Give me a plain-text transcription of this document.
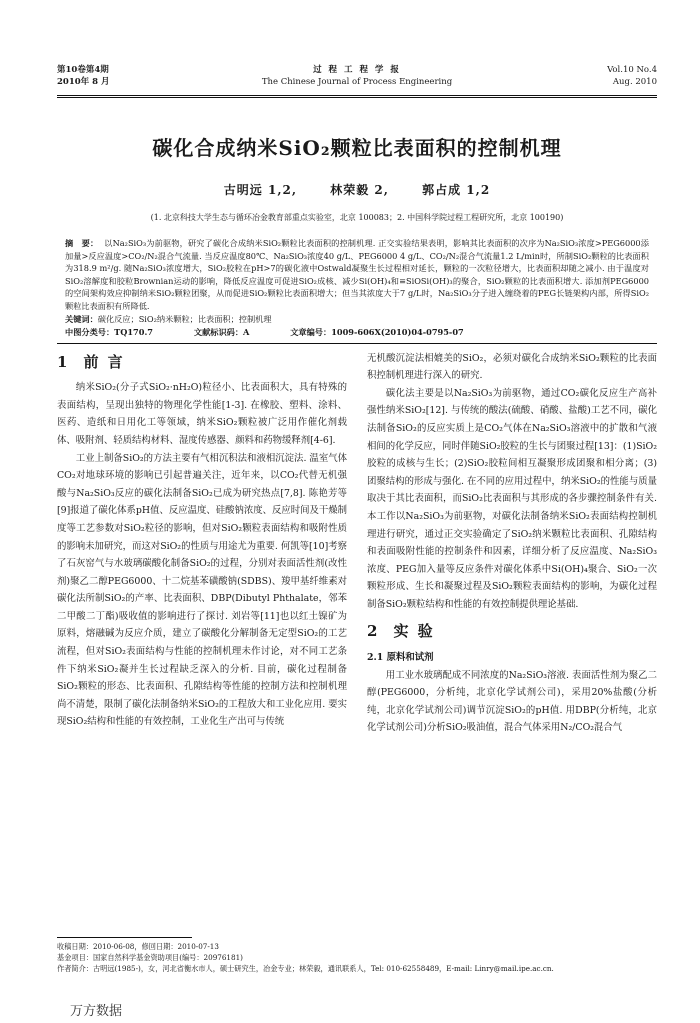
第10卷第4期
2010年 8 月
过 程 工 程 学 报
The Chinese Journal of Process Engineering
Vol.10 No.4
Aug. 2010
碳化合成纳米SiO₂颗粒比表面积的控制机理
古明远 1,2,	林荣毅 2,	郭占成 1,2
(1. 北京科技大学生态与循环冶金教育部重点实验室，北京 100083；2. 中国科学院过程工程研究所，北京 100190)
摘　要： 以Na₂SiO₃为前驱物，研究了碳化合成纳米SiO₂颗粒比表面积的控制机理. 正交实验结果表明，影响其比表面积的次序为Na₂SiO₃浓度>PEG6000添加量>反应温度>CO₂/N₂混合气流量. 当反应温度80℃、Na₂SiO₃浓度40 g/L、PEG6000 4 g/L、CO₂/N₂混合气流量1.2 L/min时，所制SiO₂颗粒的比表面积为318.9 m²/g. 随Na₂SiO₃浓度增大，SiO₂胶粒在pH>7的碳化液中Ostwald凝聚生长过程相对延长，颗粒的一次粒径增大，比表面积却随之减小. 由于温度对SiO₂溶解度和胶粒Brownian运动的影响，降低反应温度可促进SiO₂成核、减少Si(OH)₄和≡SiOSi(OH)₃的聚合，SiO₂颗粒的比表面积增大. 添加剂PEG6000的空间架构效应抑制纳米SiO₂颗粒团聚，从而促进SiO₂颗粒比表面积增大；但当其浓度大于7 g/L时，Na₂SiO₃分子进入缠绕着的PEG长链架构内部，所得SiO₂颗粒比表面积有所降低.
关键词：碳化反应；SiO₂纳米颗粒；比表面积；控制机理
中图分类号：TQ170.7	文献标识码：A	文章编号：1009-606X(2010)04-0795-07
1 前 言

纳米SiO₂(分子式SiO₂·nH₂O)粒径小、比表面积大，具有特殊的表面结构，呈现出独特的物理化学性能[1-3]. 在橡胶、塑料、涂料、医药、造纸和日用化工等领域，纳米SiO₂颗粒被广泛用作催化剂载体、吸附剂、轻质结构材料、湿度传感器、颜料和药物缓释剂[4-6].

工业上制备SiO₂的方法主要有气相沉积法和液相沉淀法. 温室气体CO₂对地球环境的影响已引起普遍关注，近年来，以CO₂代替无机强酸与Na₂SiO₃反应的碳化法制备SiO₂已成为研究热点[7,8]. 陈艳芳等[9]报道了碳化体系pH值、反应温度、硅酸钠浓度、反应时间及干燥制度等工艺参数对SiO₂粒径的影响，但对SiO₂颗粒表面结构和吸附性质的影响未加研究，而这对SiO₂的性质与用途尤为重要. 何凯等[10]考察了石灰窑气与水玻璃碳酸化制备SiO₂的过程，分别对表面活性剂(改性剂)聚乙二醇PEG6000、十二烷基苯磺酸钠(SDBS)、羧甲基纤维素对碳化法所制SiO₂的产率、比表面积、DBP(Dibutyl Phthalate，邻苯二甲酸二丁酯)吸收值的影响进行了探讨. 刘岩等[11]也以红土镍矿为原料，熔融碱为反应介质，建立了碳酸化分解制备无定型SiO₂的工艺流程，但对SiO₂表面结构与性能的控制机理未作讨论，对不同工艺条件下纳米SiO₂凝并生长过程缺乏深入的分析. 目前，碳化过程制备SiO₂颗粒的形态、比表面积、孔隙结构等性能的控制方法和控制机理尚不清楚，限制了碳化法制备纳米SiO₂的工程放大和工业化应用. 要实现SiO₂结构和性能的有效控制，工业化生产出可与传统

无机酸沉淀法相媲美的SiO₂，必须对碳化合成纳米SiO₂颗粒的比表面积控制机理进行深入的研究.

碳化法主要是以Na₂SiO₃为前驱物，通过CO₂碳化反应生产高补强性纳米SiO₂[12]. 与传统的酸法(硫酸、硝酸、盐酸)工艺不同，碳化法制备SiO₂的反应实质上是CO₂气体在Na₂SiO₃溶液中的扩散和气液相间的化学反应，同时伴随SiO₂胶粒的生长与团聚过程[13]：(1)SiO₂胶粒的成核与生长；(2)SiO₂胶粒间相互凝聚形成团聚和相分离；(3)团聚结构的形成与强化. 在不同的应用过程中，纳米SiO₂的性能与质量取决于其比表面积，而SiO₂比表面积与其形成的各步骤控制条件有关. 本工作以Na₂SiO₃为前驱物，对碳化法制备纳米SiO₂表面结构控制机理进行研究，通过正交实验确定了SiO₂纳米颗粒比表面积、孔隙结构和表面吸附性能的控制条件和因素，详细分析了反应温度、Na₂SiO₃浓度、PEG加入量等反应条件对碳化体系中Si(OH)₄聚合、SiO₂一次颗粒形成、生长和凝聚过程及SiO₂颗粒表面结构的影响，为碳化过程制备SiO₂颗粒结构和性能的有效控制提供理论基础.

2 实 验
2.1 原料和试剂

用工业水玻璃配成不同浓度的Na₂SiO₃溶液. 表面活性剂为聚乙二醇(PEG6000，分析纯，北京化学试剂公司)，采用20%盐酸(分析纯，北京化学试剂公司)调节沉淀SiO₂的pH值. 用DBP(分析纯，北京化学试剂公司)分析SiO₂吸油值，混合气体采用N₂/CO₂混合气

收稿日期：2010-06-08，修回日期：2010-07-13
基金项目：国家自然科学基金资助项目(编号：20976181)
作者简介：古明远(1985-)，女，河北省衡水市人，硕士研究生，冶金专业；林荣毅，通讯联系人，Tel: 010-62558489，E-mail: Linry@mail.ipe.ac.cn.
万方数据
